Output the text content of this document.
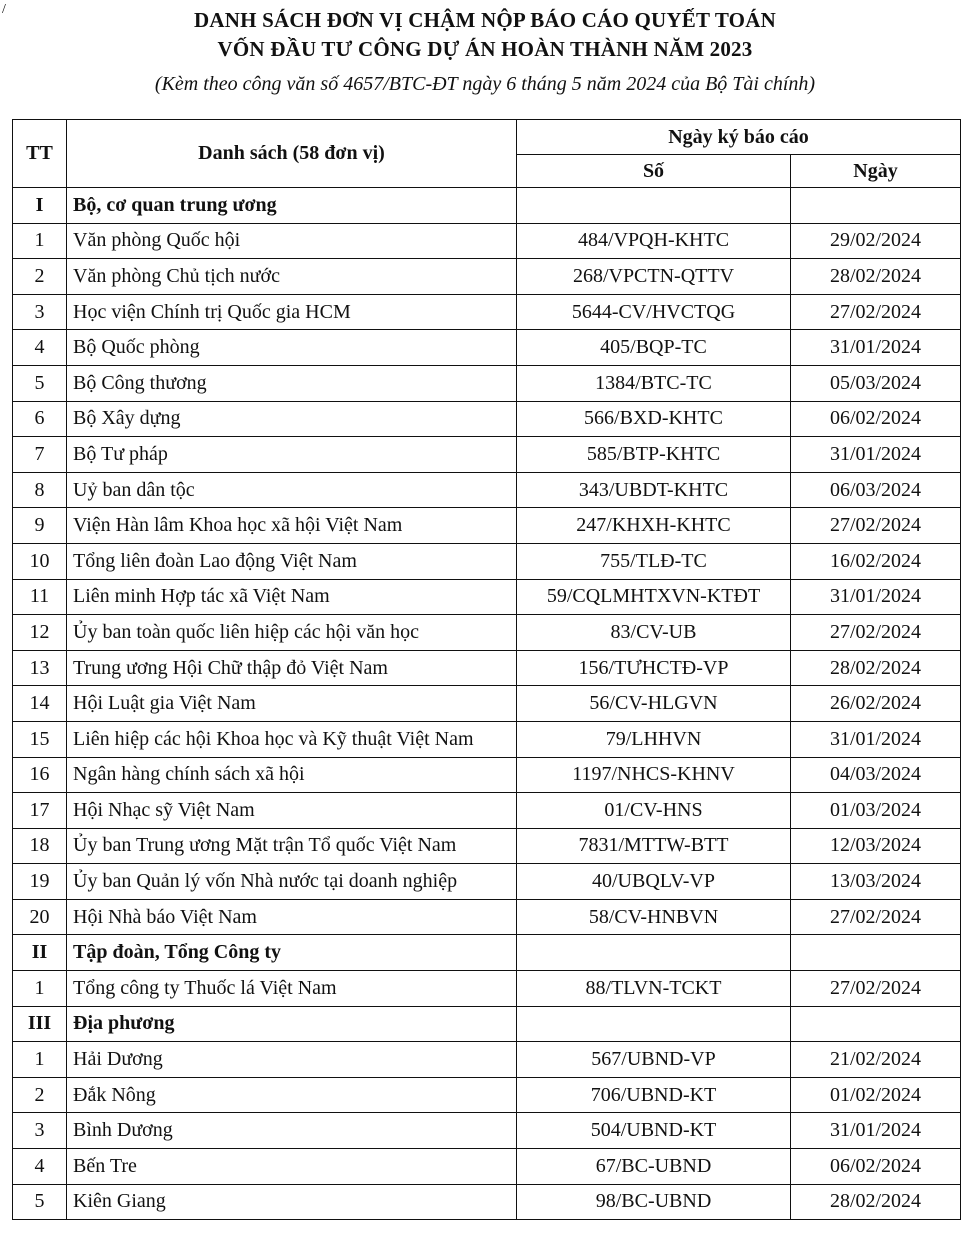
/	DANH SÁCH ĐƠN VỊ CHẬM NỘP BÁO CÁO QUYẾT TOÁN
VỐN ĐẦU TƯ CÔNG DỰ ÁN HOÀN THÀNH NĂM 2023
(Kèm theo công văn số 4657/BTC-ĐT ngày 6 tháng 5 năm 2024 của Bộ Tài chính)
TT	Danh sách (58 đơn vị)	Ngày ký báo cáo	
		Số	Ngày
I	Bộ, cơ quan trung ương		
1	Văn phòng Quốc hội	484/VPQH-KHTC	29/02/2024
2	Văn phòng Chủ tịch nước	268/VPCTN-QTTV	28/02/2024
3	Học viện Chính trị Quốc gia HCM	5644-CV/HVCTQG	27/02/2024
4	Bộ Quốc phòng	405/BQP-TC	31/01/2024
5	Bộ Công thương	1384/BTC-TC	05/03/2024
6	Bộ Xây dựng	566/BXD-KHTC	06/02/2024
7	Bộ Tư pháp	585/BTP-KHTC	31/01/2024
8	Uỷ ban dân tộc	343/UBDT-KHTC	06/03/2024
9	Viện Hàn lâm Khoa học xã hội Việt Nam	247/KHXH-KHTC	27/02/2024
10	Tổng liên đoàn Lao động Việt Nam	755/TLĐ-TC	16/02/2024
11	Liên minh Hợp tác xã Việt Nam	59/CQLMHTXVN-KTĐT	31/01/2024
12	Ủy ban toàn quốc liên hiệp các hội văn học	83/CV-UB	27/02/2024
13	Trung ương Hội Chữ thập đỏ Việt Nam	156/TƯHCTĐ-VP	28/02/2024
14	Hội Luật gia Việt Nam	56/CV-HLGVN	26/02/2024
15	Liên hiệp các hội Khoa học và Kỹ thuật Việt Nam	79/LHHVN	31/01/2024
16	Ngân hàng chính sách xã hội	1197/NHCS-KHNV	04/03/2024
17	Hội Nhạc sỹ Việt Nam	01/CV-HNS	01/03/2024
18	Ủy ban Trung ương Mặt trận Tổ quốc Việt Nam	7831/MTTW-BTT	12/03/2024
19	Ủy ban Quản lý vốn Nhà nước tại doanh nghiệp	40/UBQLV-VP	13/03/2024
20	Hội Nhà báo Việt Nam	58/CV-HNBVN	27/02/2024
II	Tập đoàn, Tổng Công ty		
1	Tổng công ty Thuốc lá Việt Nam	88/TLVN-TCKT	27/02/2024
III	Địa phương		
1	Hải Dương	567/UBND-VP	21/02/2024
2	Đắk Nông	706/UBND-KT	01/02/2024
3	Bình Dương	504/UBND-KT	31/01/2024
4	Bến Tre	67/BC-UBND	06/02/2024
5	Kiên Giang	98/BC-UBND	28/02/2024
